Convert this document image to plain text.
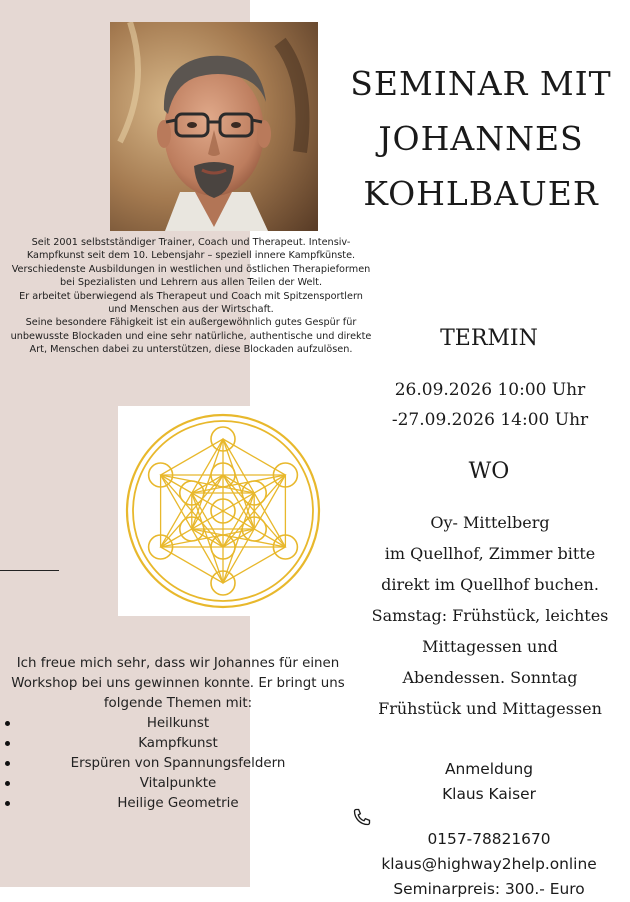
Seit 2001 selbstständiger Trainer, Coach und Therapeut. Intensiv-

Kampfkunst seit dem 10. Lebensjahr – speziell innere Kampfkünste.

Verschiedenste Ausbildungen in westlichen und östlichen Therapieformen

bei Spezialisten und Lehrern aus allen Teilen der Welt.

Er arbeitet überwiegend als Therapeut und Coach mit Spitzensportlern

und Menschen aus der Wirtschaft.

Seine besondere Fähigkeit ist ein außergewöhnlich gutes Gespür für

unbewusste Blockaden und eine sehr natürliche, authentische und direkte

Art, Menschen dabei zu unterstützen, diese Blockaden aufzulösen.

Ich freue mich sehr, dass wir Johannes für einen

Workshop bei uns gewinnen konnte. Er bringt uns

folgende Themen mit:

Heilkunst
Kampfkunst
Erspüren von Spannungsfeldern
Vitalpunkte
Heilige Geometrie
SEMINAR MIT
JOHANNES
KOHLBAUER
TERMIN
26.09.2026 10:00 Uhr
-27.09.2026 14:00 Uhr
WO
Oy- Mittelberg
im Quellhof, Zimmer bitte
direkt im Quellhof buchen.
Samstag: Frühstück, leichtes
Mittagessen und
Abendessen. Sonntag
Frühstück und Mittagessen
Anmeldung
Klaus Kaiser
0157-78821670
klaus@highway2help.online
Seminarpreis: 300.- Euro
